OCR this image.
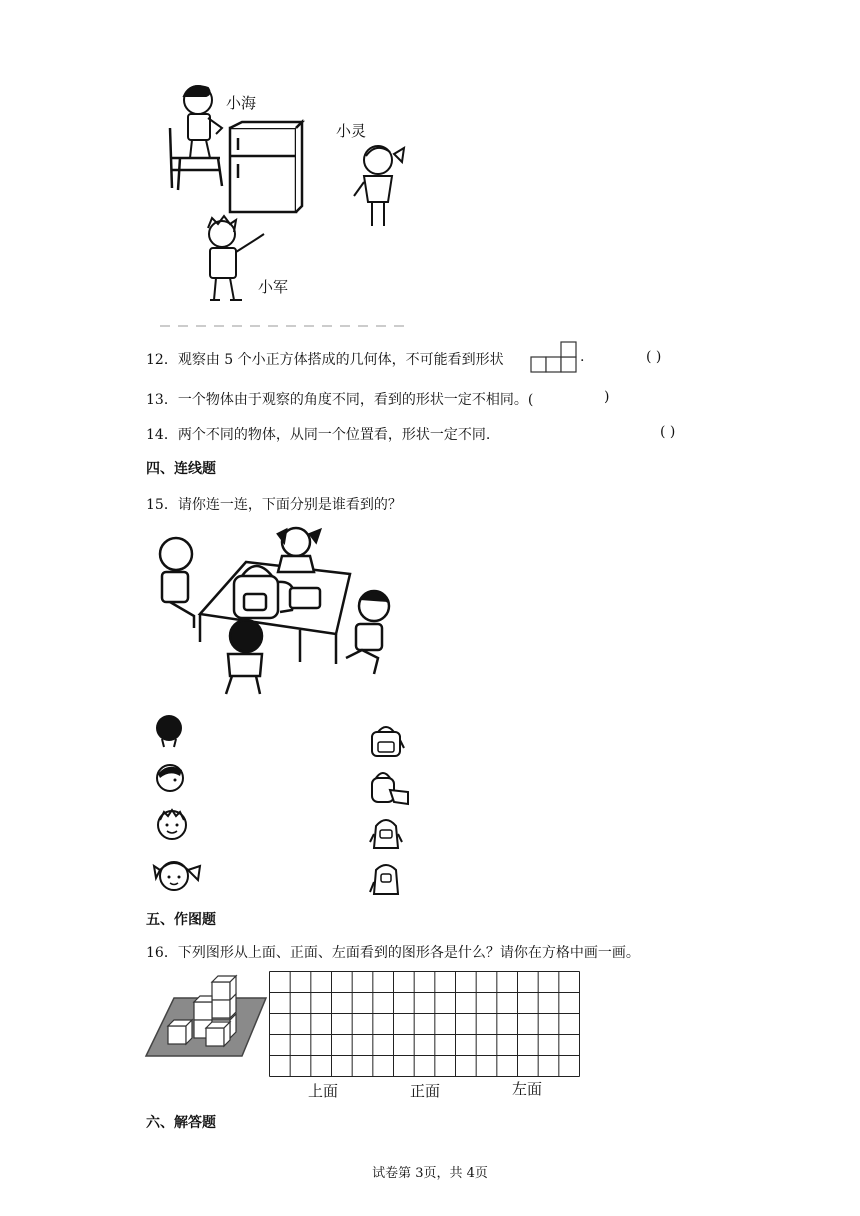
小海
小灵
小军
12．观察由 5 个小正方体搭成的几何体，不可能看到形状	.	( )
13．一个物体由于观察的角度不同，看到的形状一定不相同。(	)
14．两个不同的物体，从同一个位置看，形状一定不同.	( )
四、连线题
15．请你连一连，下面分别是谁看到的？
五、作图题
16．下列图形从上面、正面、左面看到的图形各是什么？请你在方格中画一画。
上面	正面	左面
六、解答题
试卷第 3页，共 4页
